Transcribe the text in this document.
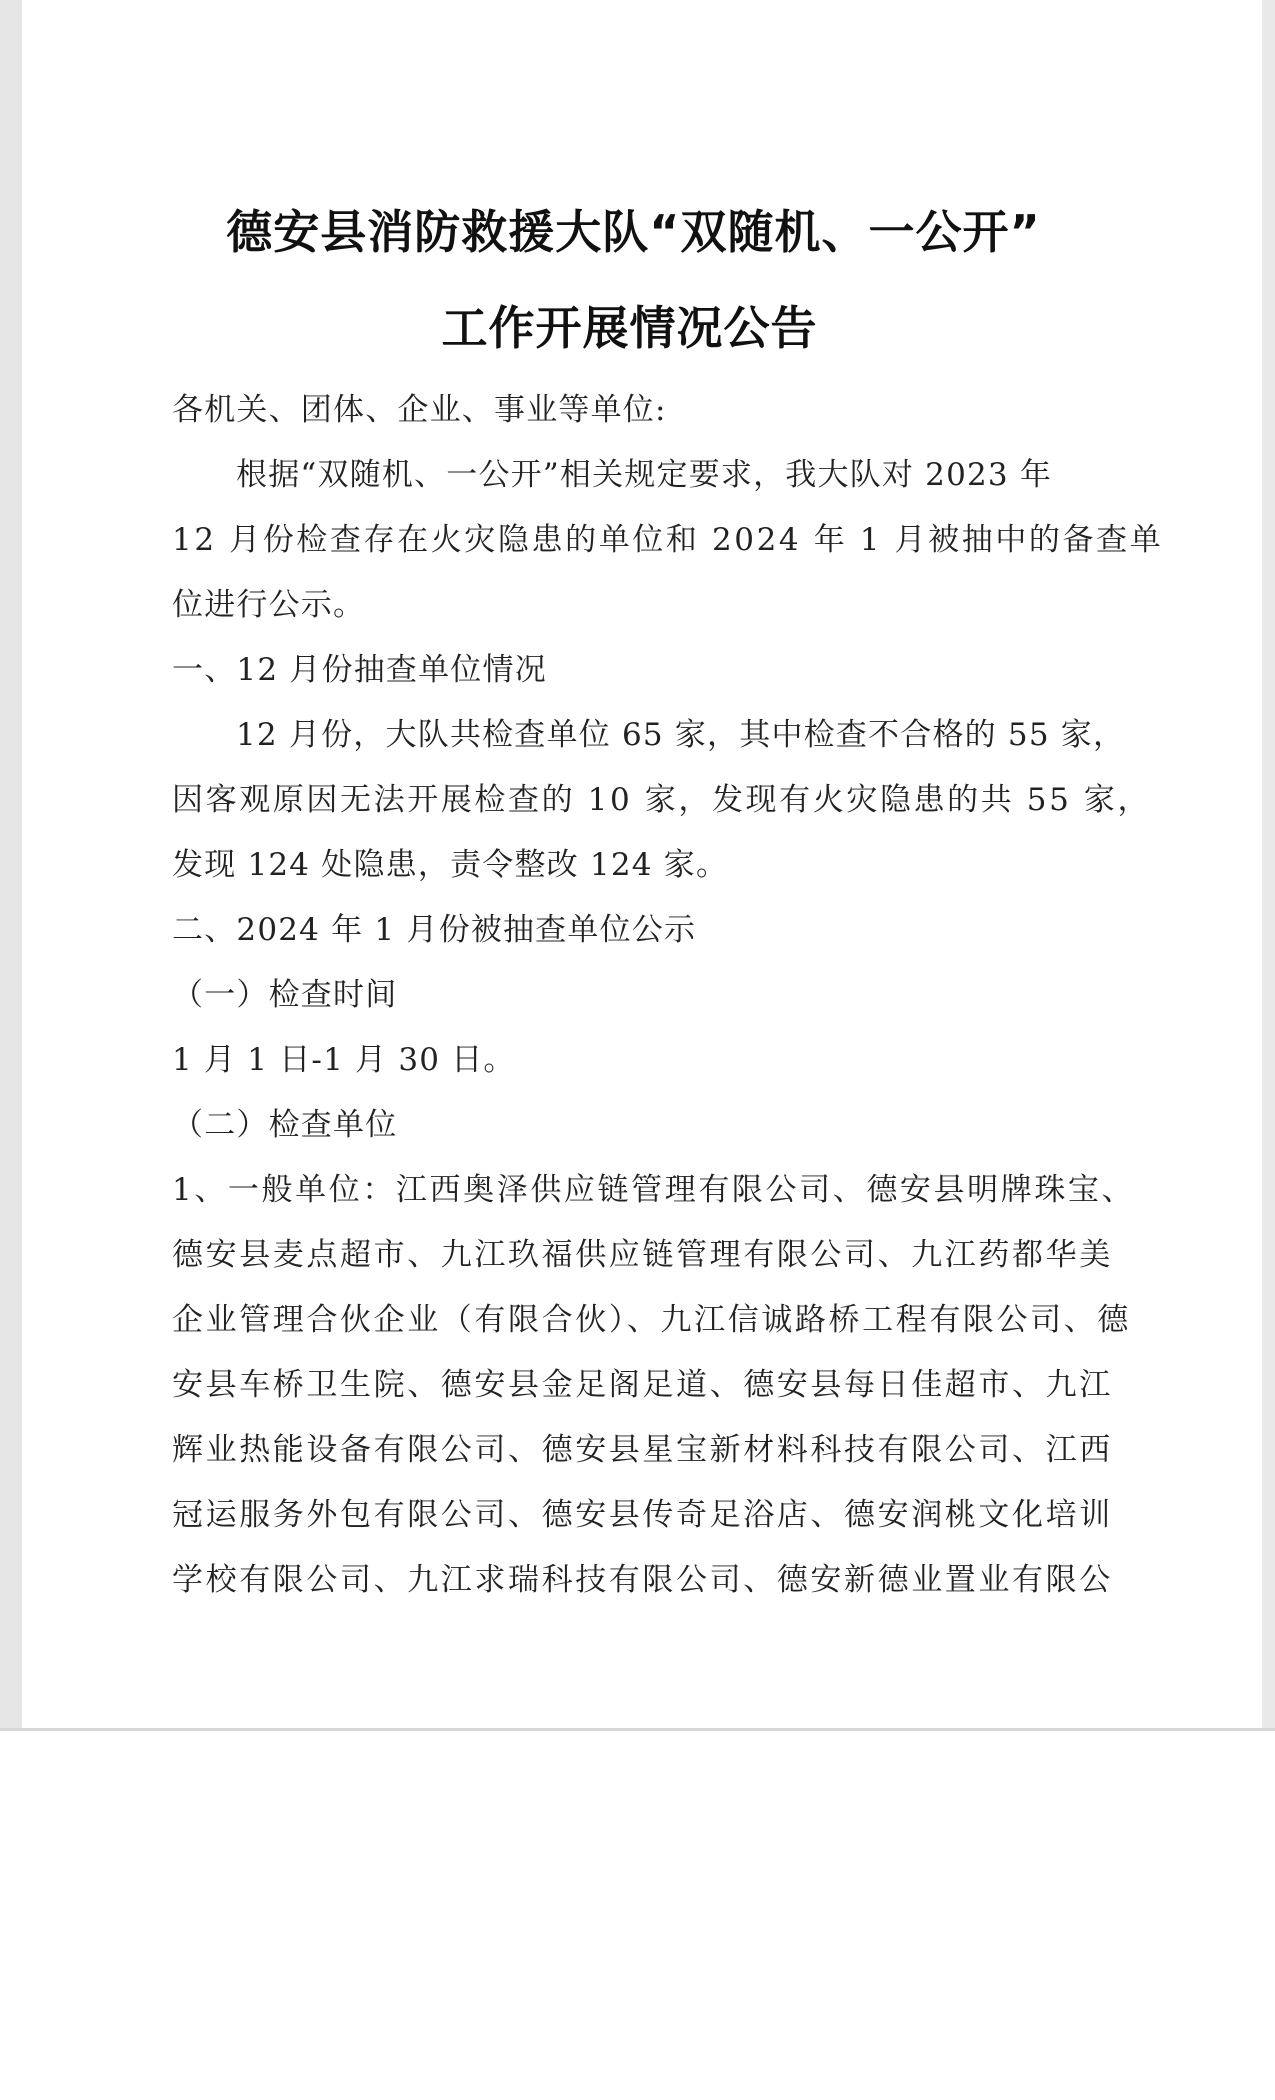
德安县消防救援大队“双随机、一公开”
工作开展情况公告
各机关、团体、企业、事业等单位:
根据“双随机、一公开”相关规定要求，我大队对 2023 年
12 月份检查存在火灾隐患的单位和 2024 年 1 月被抽中的备查单
位进行公示。
一、12 月份抽查单位情况
12 月份，大队共检查单位 65 家，其中检查不合格的 55 家，
因客观原因无法开展检查的 10 家，发现有火灾隐患的共 55 家，
发现 124 处隐患，责令整改 124 家。
二、2024 年 1 月份被抽查单位公示
（一）检查时间
1 月 1 日-1 月 30 日。
（二）检查单位
1、一般单位：江西奥泽供应链管理有限公司、德安县明牌珠宝、
德安县麦点超市、九江玖福供应链管理有限公司、九江药都华美
企业管理合伙企业（有限合伙）、九江信诚路桥工程有限公司、德
安县车桥卫生院、德安县金足阁足道、德安县每日佳超市、九江
辉业热能设备有限公司、德安县星宝新材料科技有限公司、江西
冠运服务外包有限公司、德安县传奇足浴店、德安润桃文化培训
学校有限公司、九江求瑞科技有限公司、德安新德业置业有限公
